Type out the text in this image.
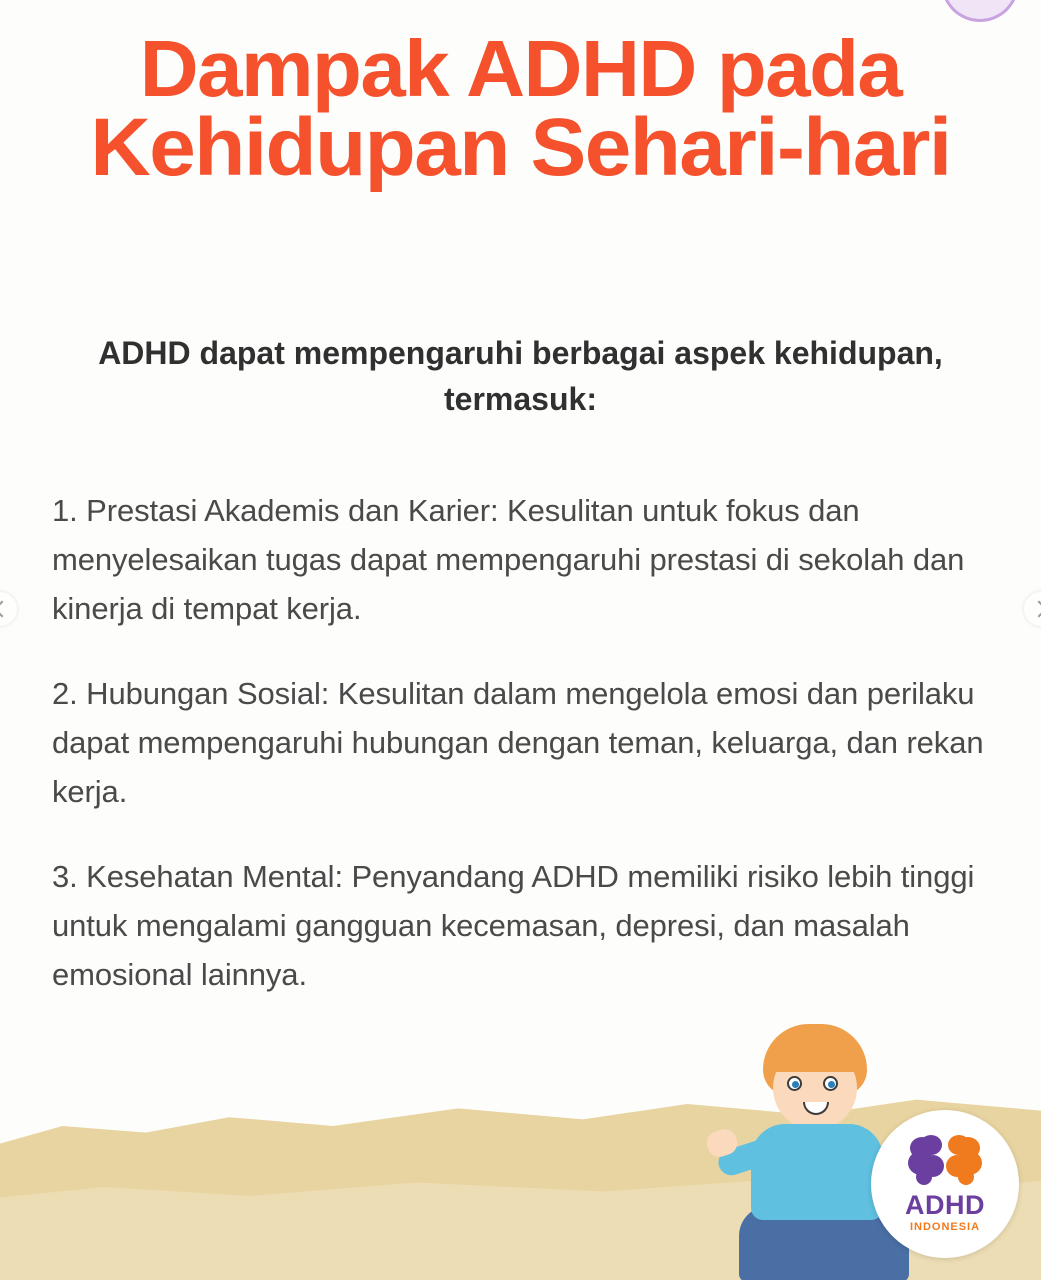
Dampak ADHD pada
Kehidupan Sehari-hari

ADHD dapat mempengaruhi berbagai aspek kehidupan, termasuk:

1. Prestasi Akademis dan Karier: Kesulitan untuk fokus dan menyelesaikan tugas dapat mempengaruhi prestasi di sekolah dan kinerja di tempat kerja.

2. Hubungan Sosial: Kesulitan dalam mengelola emosi dan perilaku dapat mempengaruhi hubungan dengan teman, keluarga, dan rekan kerja.

3. Kesehatan Mental: Penyandang ADHD memiliki risiko lebih tinggi untuk mengalami gangguan kecemasan, depresi, dan masalah emosional lainnya.

ADHD
INDONESIA
